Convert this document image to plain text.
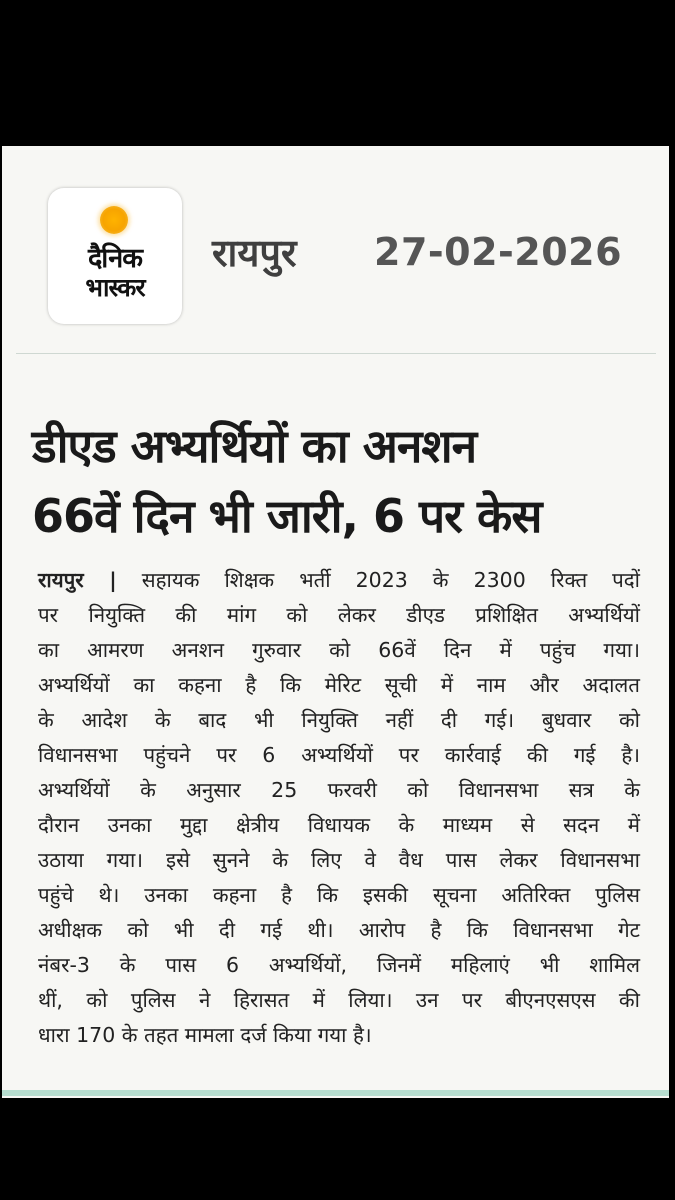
दैनिक
भास्कर
रायपुर 27-02-2026
डीएड अभ्यर्थियों का अनशन
66वें दिन भी जारी, 6 पर केस
रायपुर | सहायक शिक्षक भर्ती 2023 के 2300 रिक्त पदों
पर नियुक्ति की मांग को लेकर डीएड प्रशिक्षित अभ्यर्थियों
का आमरण अनशन गुरुवार को 66वें दिन में पहुंच गया।
अभ्यर्थियों का कहना है कि मेरिट सूची में नाम और अदालत
के आदेश के बाद भी नियुक्ति नहीं दी गई। बुधवार को
विधानसभा पहुंचने पर 6 अभ्यर्थियों पर कार्रवाई की गई है।
अभ्यर्थियों के अनुसार 25 फरवरी को विधानसभा सत्र के
दौरान उनका मुद्दा क्षेत्रीय विधायक के माध्यम से सदन में
उठाया गया। इसे सुनने के लिए वे वैध पास लेकर विधानसभा
पहुंचे थे। उनका कहना है कि इसकी सूचना अतिरिक्त पुलिस
अधीक्षक को भी दी गई थी। आरोप है कि विधानसभा गेट
नंबर-3 के पास 6 अभ्यर्थियों, जिनमें महिलाएं भी शामिल
थीं, को पुलिस ने हिरासत में लिया। उन पर बीएनएसएस की
धारा 170 के तहत मामला दर्ज किया गया है।
